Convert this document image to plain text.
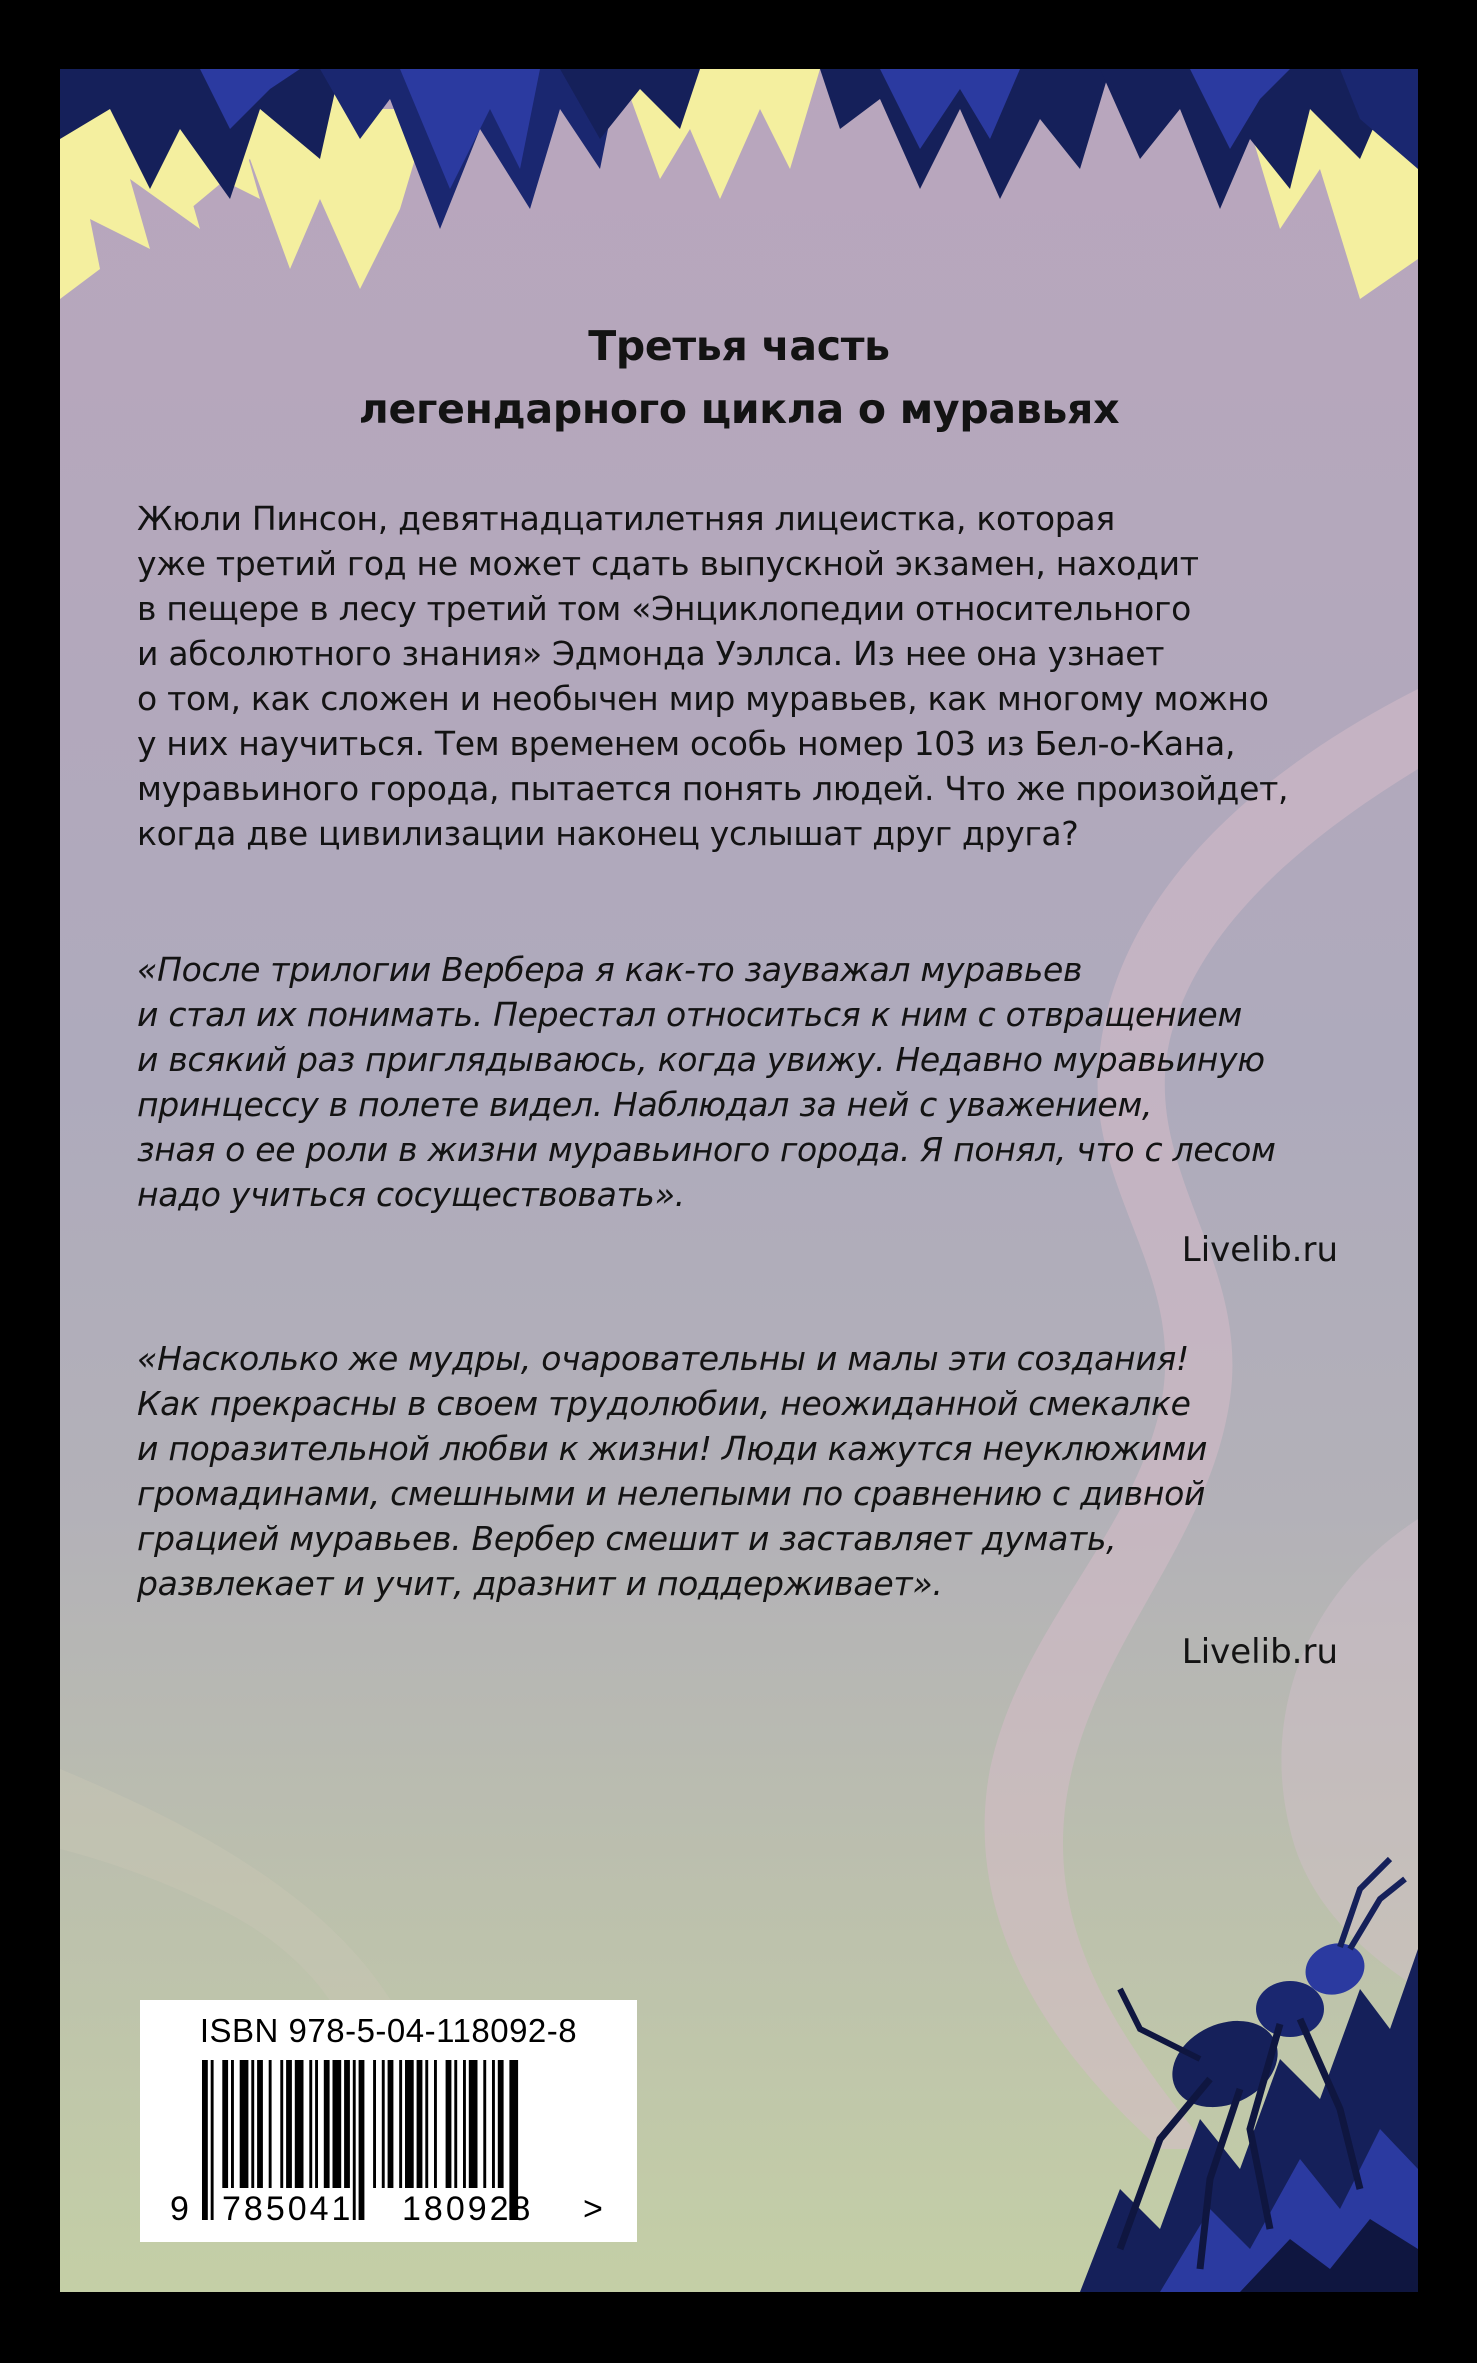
Третья часть
легендарного цикла о муравьях
Жюли Пинсон, девятнадцатилетняя лицеистка, которая
уже третий год не может сдать выпускной экзамен, находит
в пещере в лесу третий том «Энциклопедии относительного
и абсолютного знания» Эдмонда Уэллса. Из нее она узнает
о том, как сложен и необычен мир муравьев, как многому можно
у них научиться. Тем временем особь номер 103 из Бел-о-Кана,
муравьиного города, пытается понять людей. Что же произойдет,
когда две цивилизации наконец услышат друг друга?
«После трилогии Вербера я как-то зауважал муравьев
и стал их понимать. Перестал относиться к ним с отвращением
и всякий раз приглядываюсь, когда увижу. Недавно муравьиную
принцессу в полете видел. Наблюдал за ней с уважением,
зная о ее роли в жизни муравьиного города. Я понял, что с лесом
надо учиться сосуществовать».
Livelib.ru
«Насколько же мудры, очаровательны и малы эти создания!
Как прекрасны в своем трудолюбии, неожиданной смекалке
и поразительной любви к жизни! Люди кажутся неуклюжими
громадинами, смешными и нелепыми по сравнению с дивной
грацией муравьев. Вербер смешит и заставляет думать,
развлекает и учит, дразнит и поддерживает».
Livelib.ru
ISBN 978-5-04-118092-8
9 785041 180928 >
